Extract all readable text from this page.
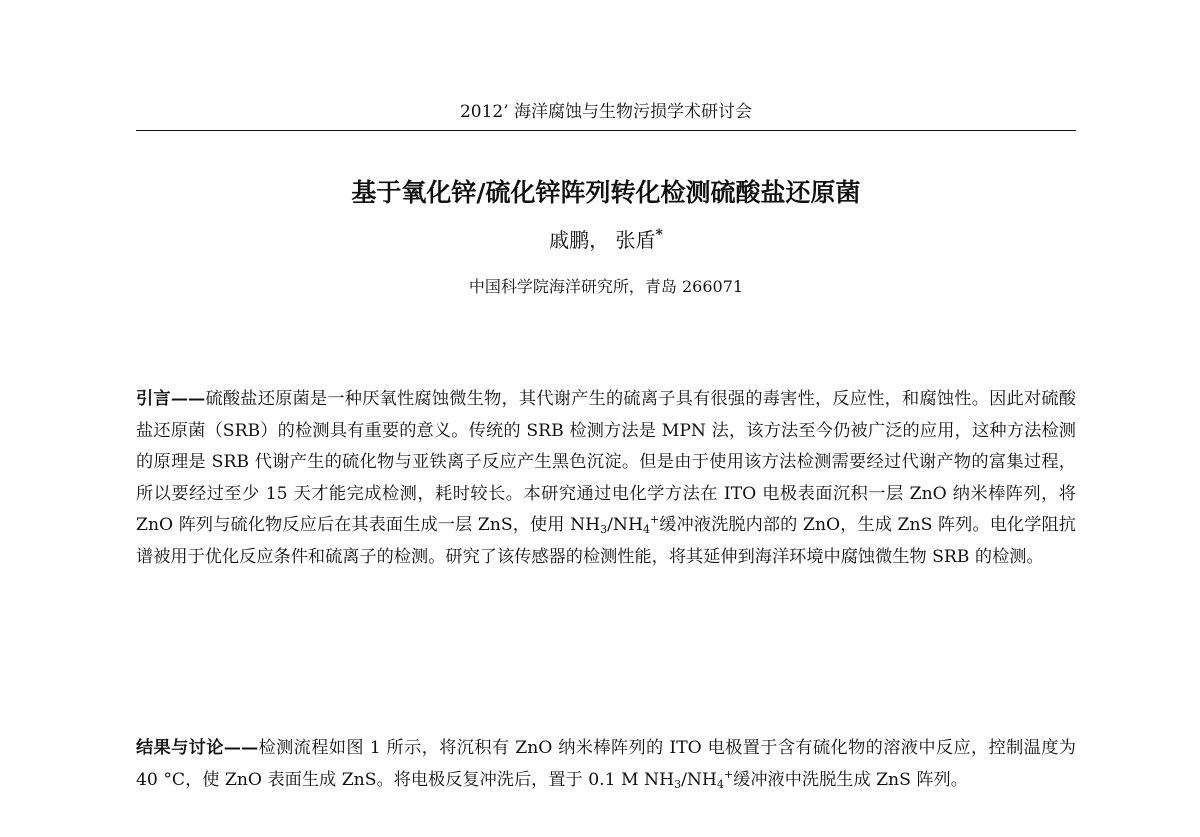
2012’ 海洋腐蚀与生物污损学术研讨会
基于氧化锌/硫化锌阵列转化检测硫酸盐还原菌
戚鹏， 张盾*
中国科学院海洋研究所，青岛 266071

引言——硫酸盐还原菌是一种厌氧性腐蚀微生物，其代谢产生的硫离子具有很强的毒害性，反应性，和腐蚀性。因此对硫酸盐还原菌（SRB）的检测具有重要的意义。传统的 SRB 检测方法是 MPN 法，该方法至今仍被广泛的应用，这种方法检测的原理是 SRB 代谢产生的硫化物与亚铁离子反应产生黑色沉淀。但是由于使用该方法检测需要经过代谢产物的富集过程，所以要经过至少 15 天才能完成检测，耗时较长。本研究通过电化学方法在 ITO 电极表面沉积一层 ZnO 纳米棒阵列，将 ZnO 阵列与硫化物反应后在其表面生成一层 ZnS，使用 $NH_3/NH_4^+$缓冲液洗脱内部的 ZnO，生成 ZnS 阵列。电化学阻抗谱被用于优化反应条件和硫离子的检测。研究了该传感器的检测性能，将其延伸到海洋环境中腐蚀微生物 SRB 的检测。

结果与讨论——检测流程如图 1 所示，将沉积有 ZnO 纳米棒阵列的 ITO 电极置于含有硫化物的溶液中反应，控制温度为 40 °C，使 ZnO 表面生成 ZnS。将电极反复冲洗后，置于 0.1 M $NH_3/NH_4^+$缓冲液中洗脱生成 ZnS 阵列。
